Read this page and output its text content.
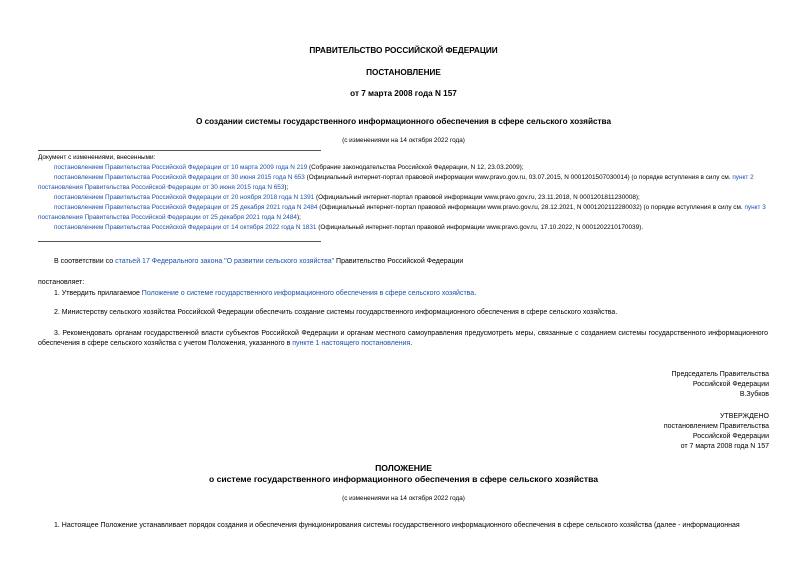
ПРАВИТЕЛЬСТВО РОССИЙСКОЙ ФЕДЕРАЦИИ
ПОСТАНОВЛЕНИЕ
от 7 марта 2008 года N 157
О создании системы государственного информационного обеспечения в сфере сельского хозяйства
(с изменениями на 14 октября 2022 года)
Документ с изменениями, внесенными:
постановлением Правительства Российской Федерации от 10 марта 2009 года N 219 (Собрание законодательства Российской Федерации, N 12, 23.03.2009);
постановлением Правительства Российской Федерации от 30 июня 2015 года N 653 (Официальный интернет-портал правовой информации www.pravo.gov.ru, 03.07.2015, N 0001201507030014) (о порядке вступления в силу см. пункт 2 постановления Правительства Российской Федерации от 30 июня 2015 года N 653);
постановлением Правительства Российской Федерации от 20 ноября 2018 года N 1391 (Официальный интернет-портал правовой информации www.pravo.gov.ru, 23.11.2018, N 0001201811230008);
постановлением Правительства Российской Федерации от 25 декабря 2021 года N 2484 (Официальный интернет-портал правовой информации www.pravo.gov.ru, 28.12.2021, N 0001202112280032) (о порядке вступления в силу см. пункт 3 постановления Правительства Российской Федерации от 25 декабря 2021 года N 2484);
постановлением Правительства Российской Федерации от 14 октября 2022 года N 1831 (Официальный интернет-портал правовой информации www.pravo.gov.ru, 17.10.2022, N 0001202210170039).
В соответствии со статьей 17 Федерального закона "О развитии сельского хозяйства" Правительство Российской Федерации
постановляет:
1. Утвердить прилагаемое Положение о системе государственного информационного обеспечения в сфере сельского хозяйства.
2. Министерству сельского хозяйства Российской Федерации обеспечить создание системы государственного информационного обеспечения в сфере сельского хозяйства.
3. Рекомендовать органам государственной власти субъектов Российской Федерации и органам местного самоуправления предусмотреть меры, связанные с созданием системы государственного информационного обеспечения в сфере сельского хозяйства с учетом Положения, указанного в пункте 1 настоящего постановления.
Председатель Правительства
Российской Федерации
В.Зубков
УТВЕРЖДЕНО
постановлением Правительства
Российской Федерации
от 7 марта 2008 года N 157
ПОЛОЖЕНИЕ
о системе государственного информационного обеспечения в сфере сельского хозяйства
(с изменениями на 14 октября 2022 года)
1. Настоящее Положение устанавливает порядок создания и обеспечения функционирования системы государственного информационного обеспечения в сфере сельского хозяйства (далее - информационная
